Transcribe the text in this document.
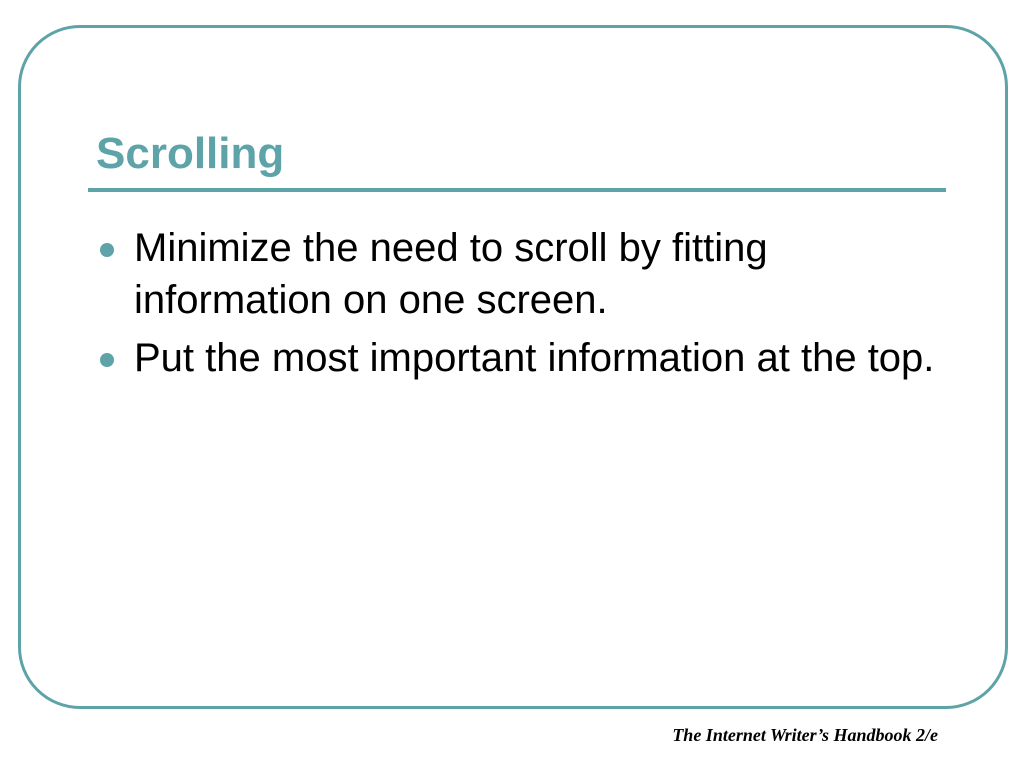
Scrolling
Minimize the need to scroll by fitting information on one screen.
Put the most important information at the top.
The Internet Writer’s Handbook 2/e
